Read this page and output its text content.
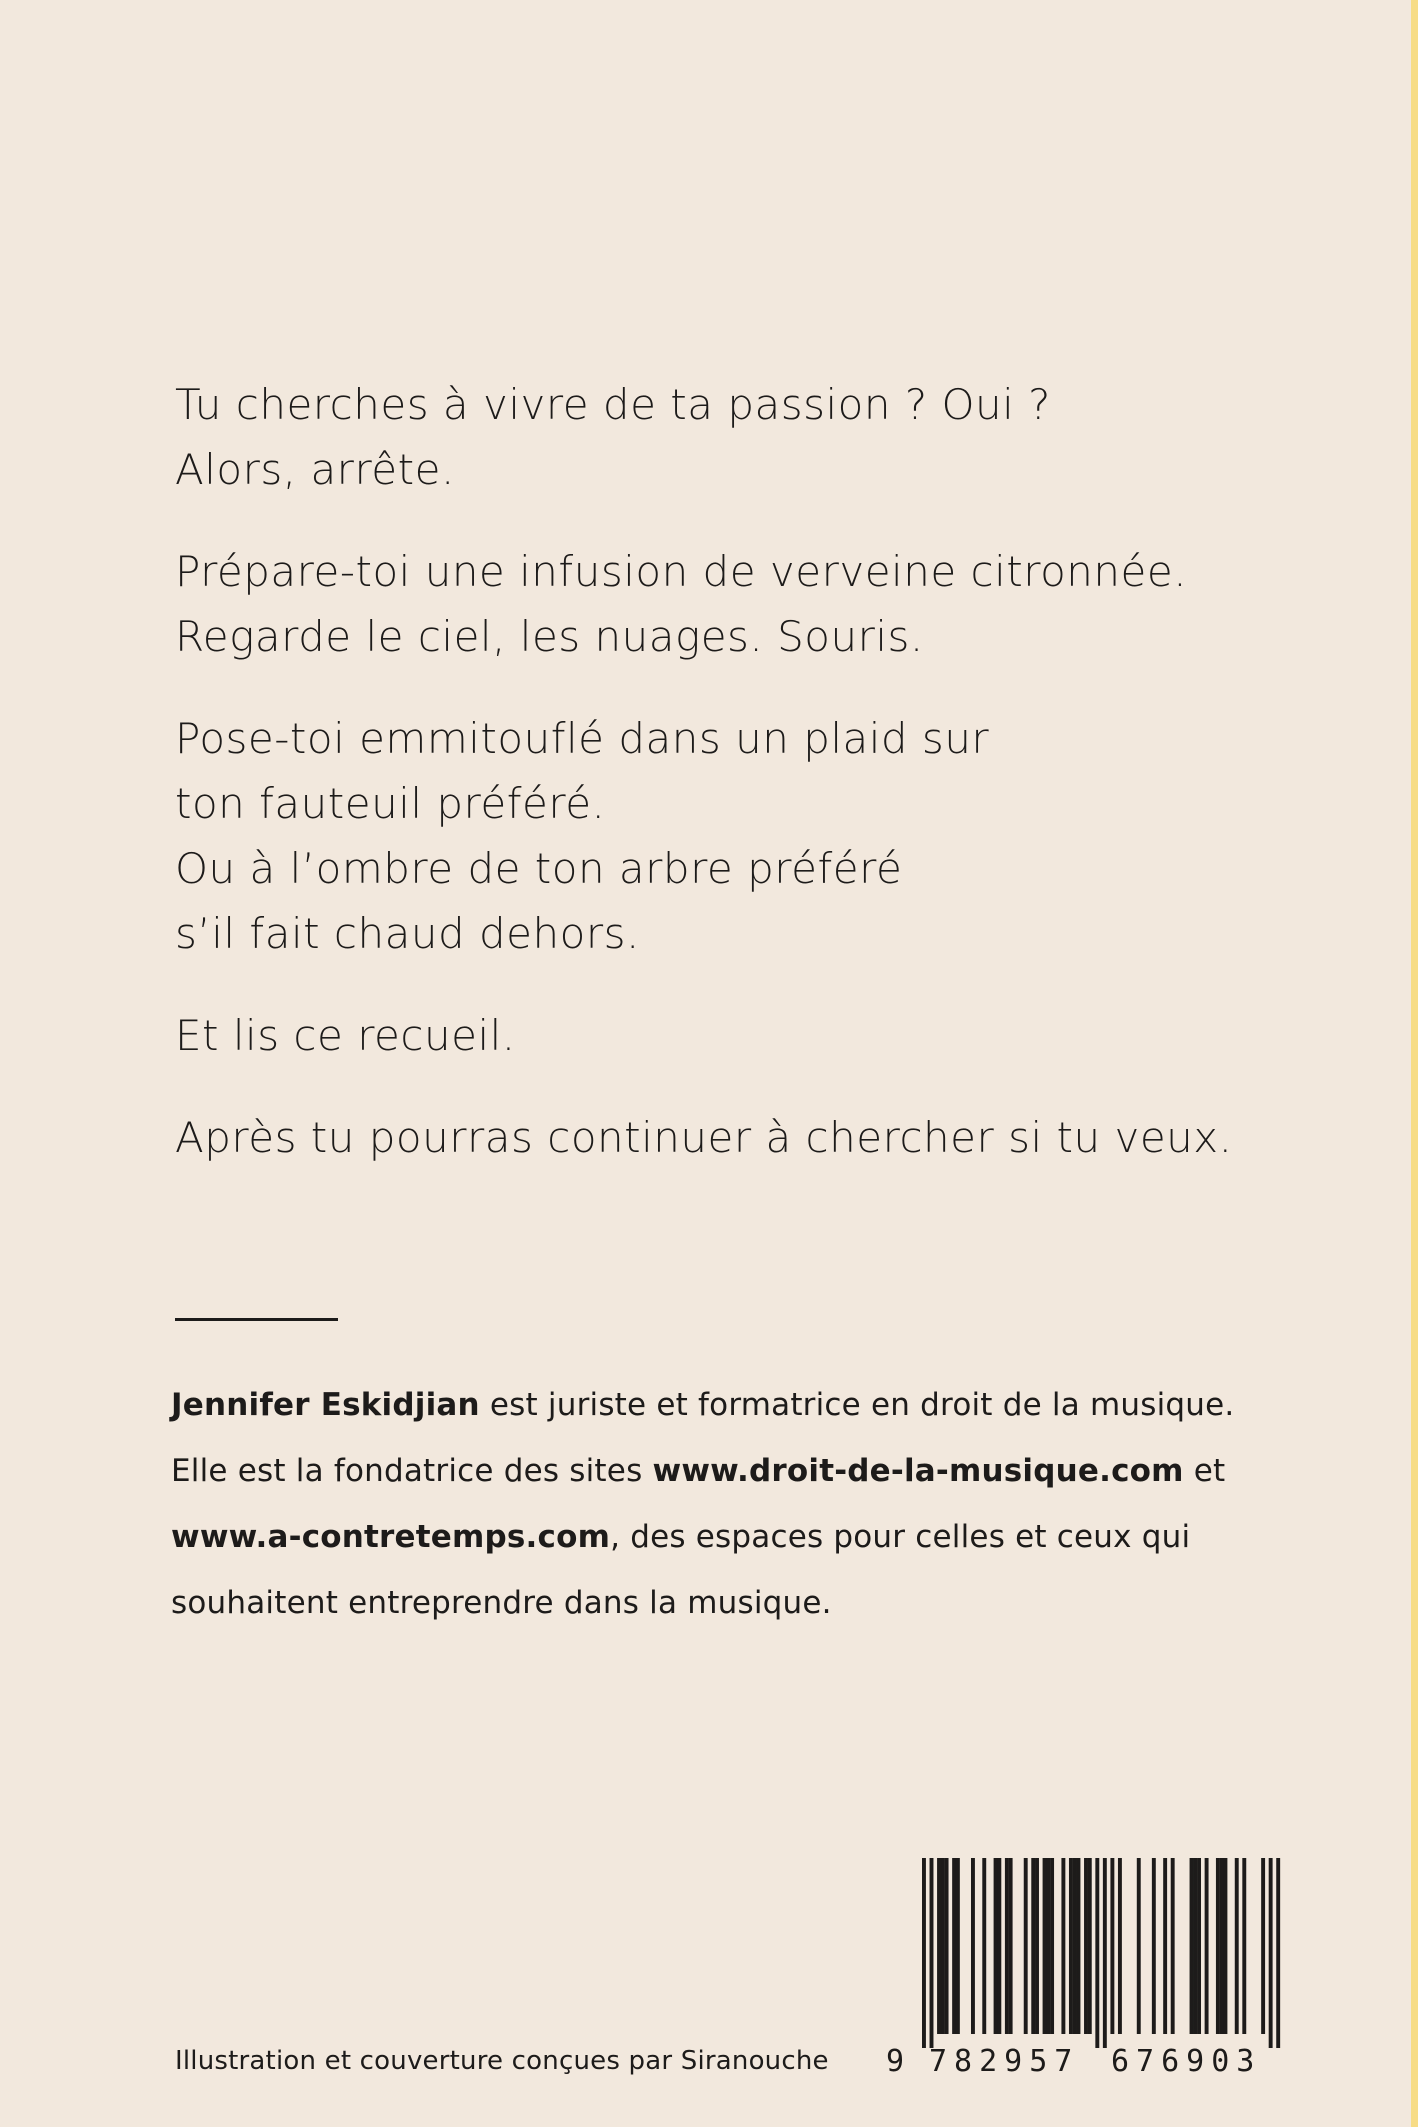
Tu cherches à vivre de ta passion ? Oui ?
Alors, arrête.

Prépare-toi une infusion de verveine citronnée.
Regarde le ciel, les nuages. Souris.

Pose-toi emmitouflé dans un plaid sur
ton fauteuil préféré.
Ou à l’ombre de ton arbre préféré
s’il fait chaud dehors.

Et lis ce recueil.

Après tu pourras continuer à chercher si tu veux.

Jennifer Eskidjian est juriste et formatrice en droit de la musique.
Elle est la fondatrice des sites www.droit-de-la-musique.com et
www.a-contretemps.com, des espaces pour celles et ceux qui
souhaitent entreprendre dans la musique.
Illustration et couverture conçues par Siranouche 9 782957 676903
